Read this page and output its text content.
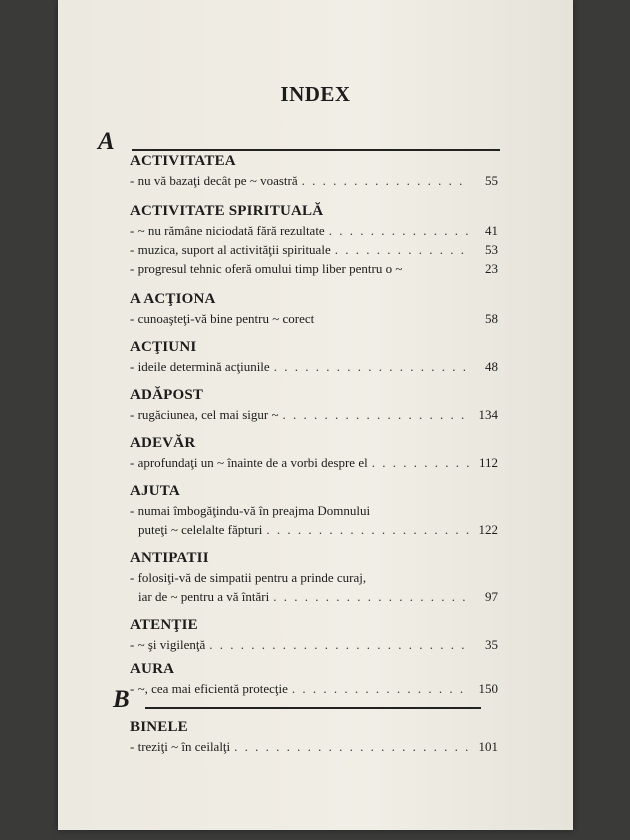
INDEX
A
ACTIVITATEA
- nu vă bazaţi decât pe ~ voastră . . .	55
ACTIVITATE SPIRITUALĂ
- ~ nu rămâne niciodată fără rezultate . . .	41
- muzica, suport al activităţii spirituale . . .	53
- progresul tehnic oferă omului timp liber pentru o ~	23
A ACŢIONA
- cunoaşteţi-vă bine pentru ~ corect	58
ACŢIUNI
- ideile determină acţiunile . . .	48
ADĂPOST
- rugăciunea, cel mai sigur ~ . . .	134
ADEVĂR
- aprofundaţi un ~ înainte de a vorbi despre el . . .	112
AJUTA
- numai îmbogăţindu-vă în preajma Domnului
puteţi ~ celelalte făpturi . . .	122
ANTIPATII
- folosiţi-vă de simpatii pentru a prinde curaj,
iar de ~ pentru a vă întări . . .	97
ATENŢIE
- ~ şi vigilenţă . . .	35
AURA
- ~, cea mai eficientă protecţie . . .	150
B
BINELE
- treziţi ~ în ceilalţi . . .	101
